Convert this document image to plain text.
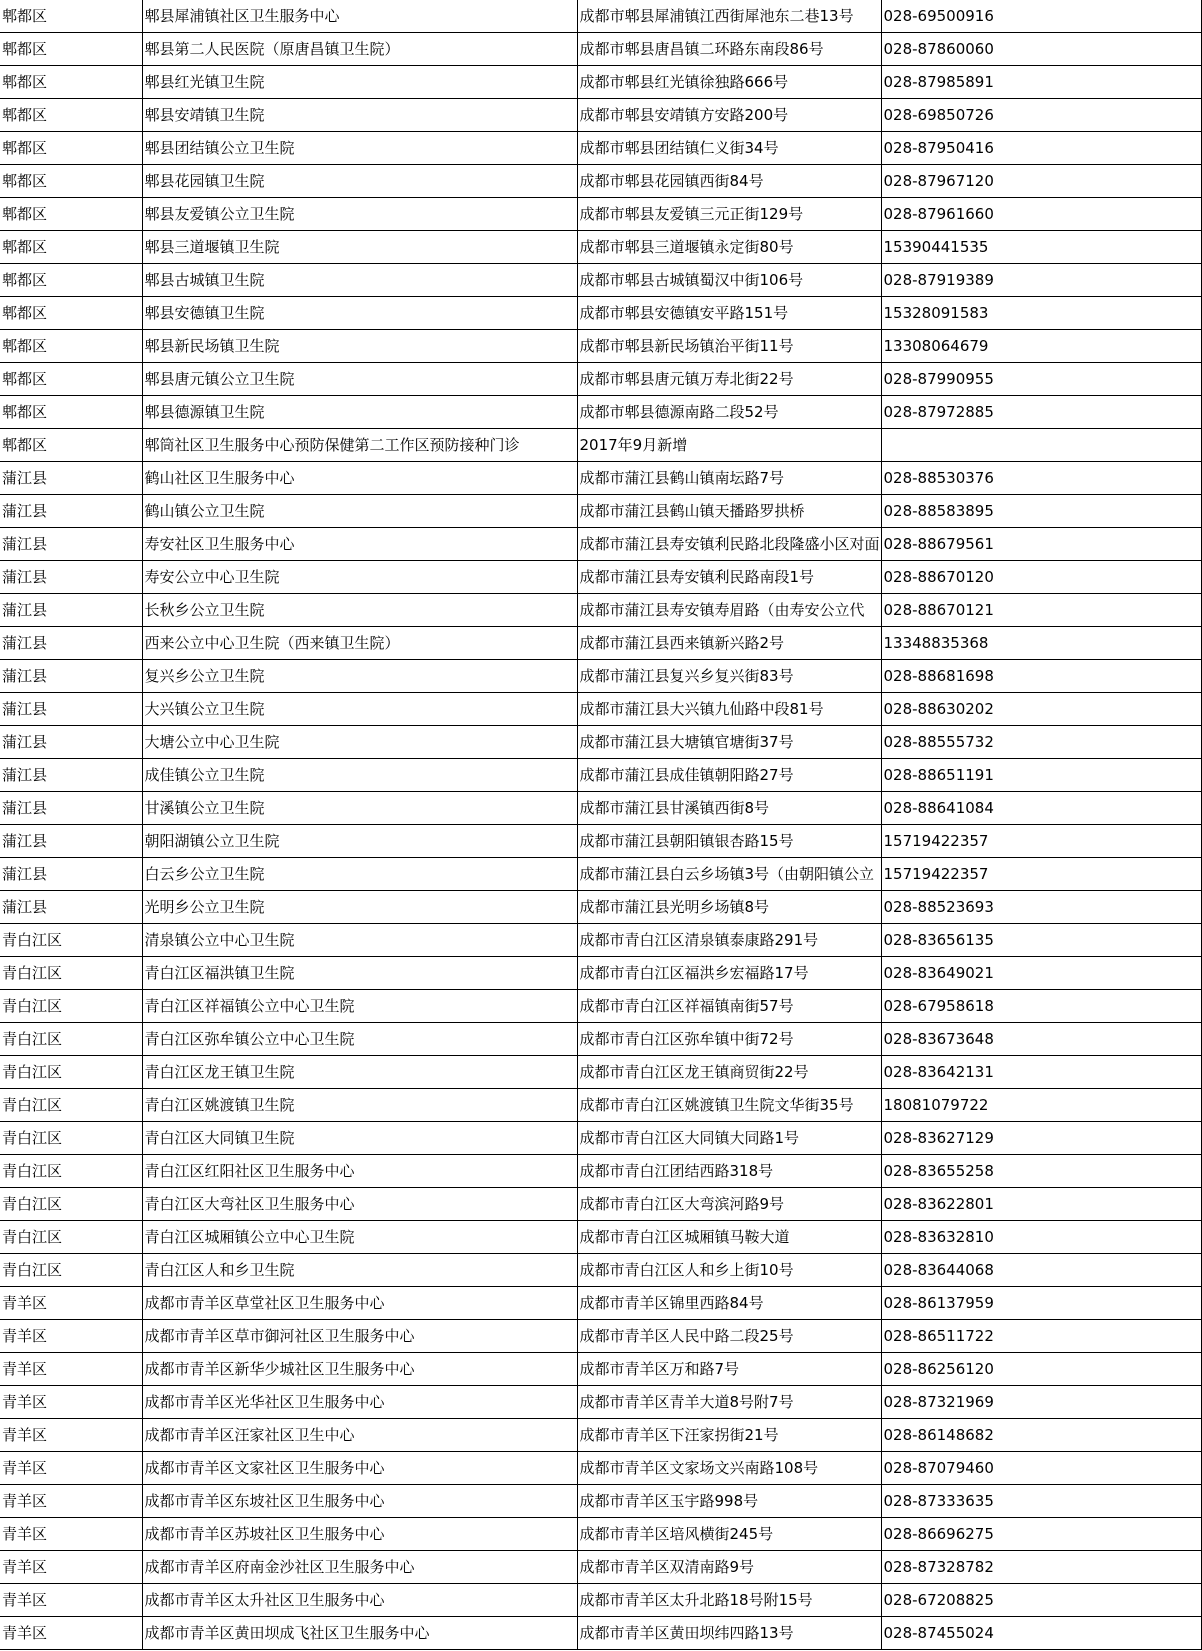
郫都区	郫县犀浦镇社区卫生服务中心	成都市郫县犀浦镇江西街犀池东二巷13号	028-69500916
郫都区	郫县第二人民医院（原唐昌镇卫生院）	成都市郫县唐昌镇二环路东南段86号	028-87860060
郫都区	郫县红光镇卫生院	成都市郫县红光镇徐独路666号	028-87985891
郫都区	郫县安靖镇卫生院	成都市郫县安靖镇方安路200号	028-69850726
郫都区	郫县团结镇公立卫生院	成都市郫县团结镇仁义街34号	028-87950416
郫都区	郫县花园镇卫生院	成都市郫县花园镇西街84号	028-87967120
郫都区	郫县友爱镇公立卫生院	成都市郫县友爱镇三元正街129号	028-87961660
郫都区	郫县三道堰镇卫生院	成都市郫县三道堰镇永定街80号	15390441535
郫都区	郫县古城镇卫生院	成都市郫县古城镇蜀汉中街106号	028-87919389
郫都区	郫县安德镇卫生院	成都市郫县安德镇安平路151号	15328091583
郫都区	郫县新民场镇卫生院	成都市郫县新民场镇治平街11号	13308064679
郫都区	郫县唐元镇公立卫生院	成都市郫县唐元镇万寿北街22号	028-87990955
郫都区	郫县德源镇卫生院	成都市郫县德源南路二段52号	028-87972885
郫都区	郫筒社区卫生服务中心预防保健第二工作区预防接种门诊	2017年9月新增	
蒲江县	鹤山社区卫生服务中心	成都市蒲江县鹤山镇南坛路7号	028-88530376
蒲江县	鹤山镇公立卫生院	成都市蒲江县鹤山镇天播路罗拱桥	028-88583895
蒲江县	寿安社区卫生服务中心	成都市蒲江县寿安镇利民路北段隆盛小区对面	028-88679561
蒲江县	寿安公立中心卫生院	成都市蒲江县寿安镇利民路南段1号	028-88670120
蒲江县	长秋乡公立卫生院	成都市蒲江县寿安镇寿眉路（由寿安公立代	028-88670121
蒲江县	西来公立中心卫生院（西来镇卫生院）	成都市蒲江县西来镇新兴路2号	13348835368
蒲江县	复兴乡公立卫生院	成都市蒲江县复兴乡复兴街83号	028-88681698
蒲江县	大兴镇公立卫生院	成都市蒲江县大兴镇九仙路中段81号	028-88630202
蒲江县	大塘公立中心卫生院	成都市蒲江县大塘镇官塘街37号	028-88555732
蒲江县	成佳镇公立卫生院	成都市蒲江县成佳镇朝阳路27号	028-88651191
蒲江县	甘溪镇公立卫生院	成都市蒲江县甘溪镇西街8号	028-88641084
蒲江县	朝阳湖镇公立卫生院	成都市蒲江县朝阳镇银杏路15号	15719422357
蒲江县	白云乡公立卫生院	成都市蒲江县白云乡场镇3号（由朝阳镇公立	15719422357
蒲江县	光明乡公立卫生院	成都市蒲江县光明乡场镇8号	028-88523693
青白江区	清泉镇公立中心卫生院	成都市青白江区清泉镇泰康路291号	028-83656135
青白江区	青白江区福洪镇卫生院	成都市青白江区福洪乡宏福路17号	028-83649021
青白江区	青白江区祥福镇公立中心卫生院	成都市青白江区祥福镇南街57号	028-67958618
青白江区	青白江区弥牟镇公立中心卫生院	成都市青白江区弥牟镇中街72号	028-83673648
青白江区	青白江区龙王镇卫生院	成都市青白江区龙王镇商贸街22号	028-83642131
青白江区	青白江区姚渡镇卫生院	成都市青白江区姚渡镇卫生院文华街35号	18081079722
青白江区	青白江区大同镇卫生院	成都市青白江区大同镇大同路1号	028-83627129
青白江区	青白江区红阳社区卫生服务中心	成都市青白江团结西路318号	028-83655258
青白江区	青白江区大弯社区卫生服务中心	成都市青白江区大弯滨河路9号	028-83622801
青白江区	青白江区城厢镇公立中心卫生院	成都市青白江区城厢镇马鞍大道	028-83632810
青白江区	青白江区人和乡卫生院	成都市青白江区人和乡上街10号	028-83644068
青羊区	成都市青羊区草堂社区卫生服务中心	成都市青羊区锦里西路84号	028-86137959
青羊区	成都市青羊区草市御河社区卫生服务中心	成都市青羊区人民中路二段25号	028-86511722
青羊区	成都市青羊区新华少城社区卫生服务中心	成都市青羊区万和路7号	028-86256120
青羊区	成都市青羊区光华社区卫生服务中心	成都市青羊区青羊大道8号附7号	028-87321969
青羊区	成都市青羊区汪家社区卫生中心	成都市青羊区下汪家拐街21号	028-86148682
青羊区	成都市青羊区文家社区卫生服务中心	成都市青羊区文家场文兴南路108号	028-87079460
青羊区	成都市青羊区东坡社区卫生服务中心	成都市青羊区玉宇路998号	028-87333635
青羊区	成都市青羊区苏坡社区卫生服务中心	成都市青羊区培风横街245号	028-86696275
青羊区	成都市青羊区府南金沙社区卫生服务中心	成都市青羊区双清南路9号	028-87328782
青羊区	成都市青羊区太升社区卫生服务中心	成都市青羊区太升北路18号附15号	028-67208825
青羊区	成都市青羊区黄田坝成飞社区卫生服务中心	成都市青羊区黄田坝纬四路13号	028-87455024
